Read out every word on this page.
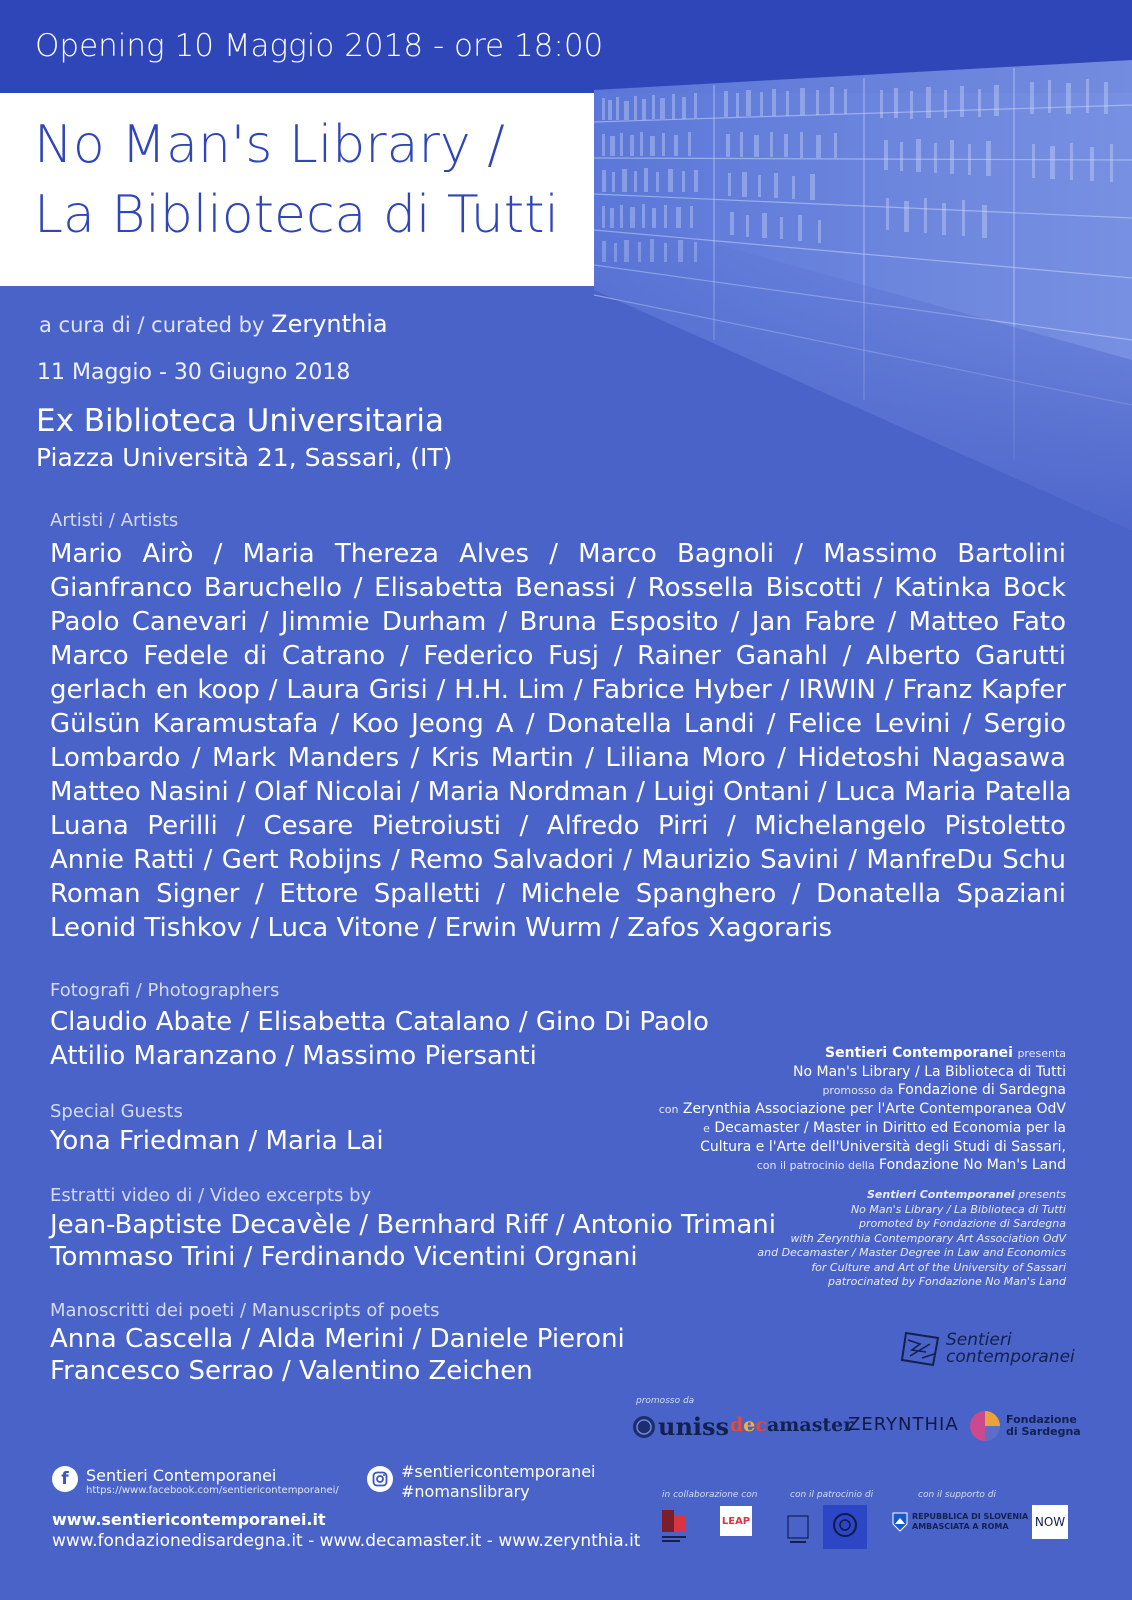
Opening 10 Maggio 2018 - ore 18:00
No Man's Library /
La Biblioteca di Tutti
a cura di / curated by Zerynthia
11 Maggio - 30 Giugno 2018
Ex Biblioteca Universitaria
Piazza Università 21, Sassari, (IT)
Artisti / Artists
Mario Airò / Maria Thereza Alves / Marco Bagnoli / Massimo Bartolini
Gianfranco Baruchello / Elisabetta Benassi / Rossella Biscotti / Katinka Bock
Paolo Canevari / Jimmie Durham / Bruna Esposito / Jan Fabre / Matteo Fato
Marco Fedele di Catrano / Federico Fusj / Rainer Ganahl / Alberto Garutti
gerlach en koop / Laura Grisi / H.H. Lim / Fabrice Hyber / IRWIN / Franz Kapfer
Gülsün Karamustafa / Koo Jeong A / Donatella Landi / Felice Levini / Sergio
Lombardo / Mark Manders / Kris Martin / Liliana Moro / Hidetoshi Nagasawa
Matteo Nasini / Olaf Nicolai / Maria Nordman / Luigi Ontani / Luca Maria Patella
Luana Perilli / Cesare Pietroiusti / Alfredo Pirri / Michelangelo Pistoletto
Annie Ratti / Gert Robijns / Remo Salvadori / Maurizio Savini / ManfreDu Schu
Roman Signer / Ettore Spalletti / Michele Spanghero / Donatella Spaziani
Leonid Tishkov / Luca Vitone / Erwin Wurm / Zafos Xagoraris
Fotografi / Photographers
Claudio Abate / Elisabetta Catalano / Gino Di Paolo
Attilio Maranzano / Massimo Piersanti
Special Guests
Yona Friedman / Maria Lai
Estratti video di / Video excerpts by
Jean-Baptiste Decavèle / Bernhard Riff / Antonio Trimani
Tommaso Trini / Ferdinando Vicentini Orgnani
Manoscritti dei poeti / Manuscripts of poets
Anna Cascella / Alda Merini / Daniele Pieroni
Francesco Serrao / Valentino Zeichen
Sentieri Contemporanei presenta
No Man's Library / La Biblioteca di Tutti
promosso da Fondazione di Sardegna
con Zerynthia Associazione per l'Arte Contemporanea OdV
e Decamaster / Master in Diritto ed Economia per la
Cultura e l'Arte dell'Università degli Studi di Sassari,
con il patrocinio della Fondazione No Man's Land
Sentieri Contemporanei presents
No Man's Library / La Biblioteca di Tutti
promoted by Fondazione di Sardegna
with Zerynthia Contemporary Art Association OdV
and Decamaster / Master Degree in Law and Economics
for Culture and Art of the University of Sassari
patrocinated by Fondazione No Man's Land
Sentieri
contemporanei
promosso da
uniss d e c amaster
ZERYNTHIA	Fondazione
di Sardegna
in collaborazione con	con il patrocinio di	con il supporto di
LEAP	REPUBBLICA DI SLOVENIA
AMBASCIATA A ROMA	NOW
f	Sentieri Contemporanei
https://www.facebook.com/sentiericontemporanei/
#sentiericontemporanei
#nomanslibrary
www.sentiericontemporanei.it
www.fondazionedisardegna.it - www.decamaster.it - www.zerynthia.it
